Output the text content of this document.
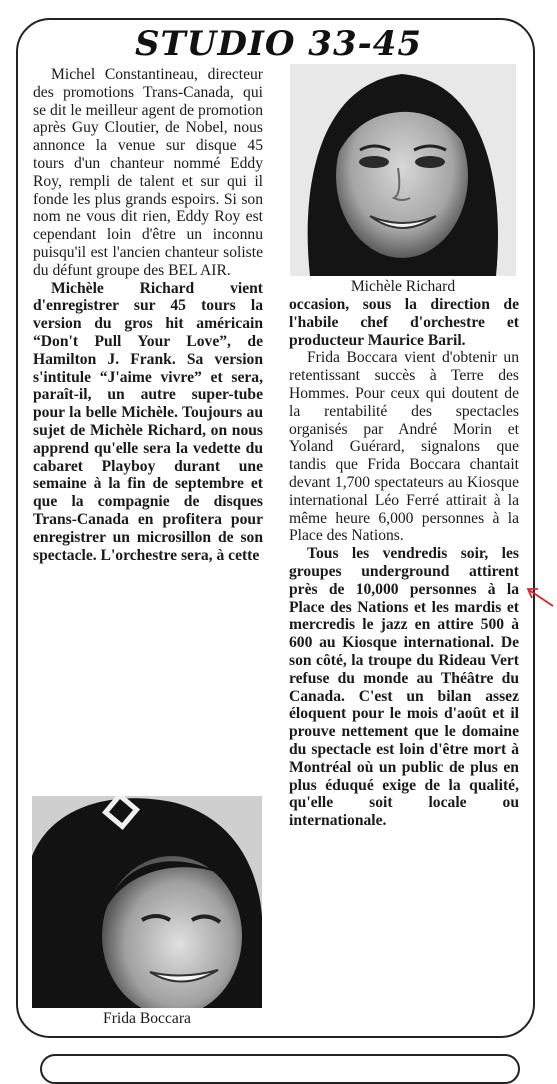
STUDIO 33-45
Michèle Richard

Michel Constantineau, directeur des promotions Trans-Canada, qui se dit le meilleur agent de promotion après Guy Cloutier, de Nobel, nous annonce la venue sur disque 45 tours d'un chanteur nommé Eddy Roy, rempli de talent et sur qui il fonde les plus grands espoirs. Si son nom ne vous dit rien, Eddy Roy est cependant loin d'être un inconnu puisqu'il est l'ancien chanteur soliste du défunt groupe des BEL AIR.

Michèle Richard vient d'enregistrer sur 45 tours la version du gros hit américain “Don't Pull Your Love”, de Hamilton J. Frank. Sa version s'intitule “J'aime vivre” et sera, paraît-il, un autre super-tube pour la belle Michèle. Toujours au sujet de Michèle Richard, on nous apprend qu'elle sera la vedette du cabaret Playboy durant une semaine à la fin de septembre et que la compagnie de disques Trans-Canada en profitera pour enregistrer un microsillon de son spectacle. L'orchestre sera, à cette

occasion, sous la direction de l'habile chef d'orchestre et producteur Maurice Baril.

Frida Boccara vient d'obtenir un retentissant succès à Terre des Hommes. Pour ceux qui doutent de la rentabilité des spectacles organisés par André Morin et Yoland Guérard, signalons que tandis que Frida Boccara chantait devant 1,700 spectateurs au Kiosque international Léo Ferré attirait à la même heure 6,000 personnes à la Place des Nations.

Tous les vendredis soir, les groupes underground attirent près de 10,000 personnes à la Place des Nations et les mardis et mercredis le jazz en attire 500 à 600 au Kiosque international. De son côté, la troupe du Rideau Vert refuse du monde au Théâtre du Canada. C'est un bilan assez éloquent pour le mois d'août et il prouve nettement que le domaine du spectacle est loin d'être mort à Montréal où un public de plus en plus éduqué exige de la qualité, qu'elle soit locale ou internationale.

Frida Boccara
